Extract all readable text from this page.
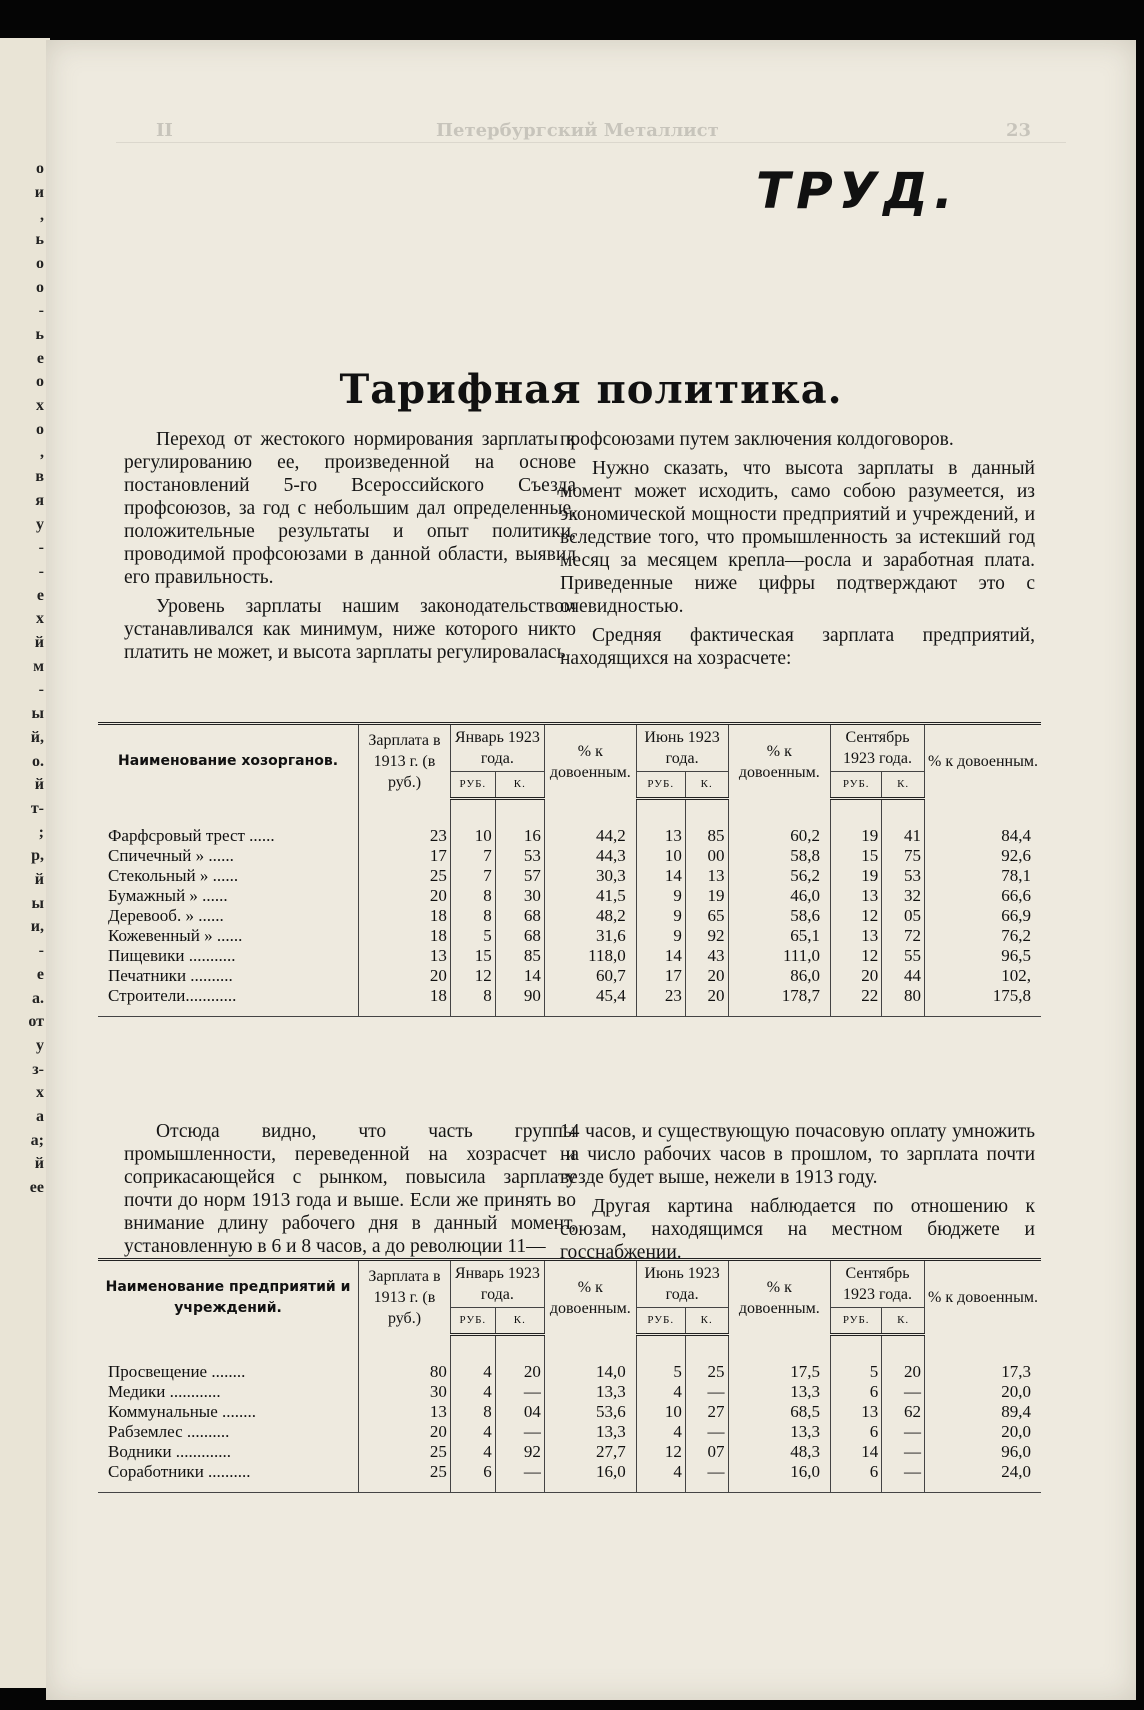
о
и
,
ь
о
о
-
ь
е
о
х
о
,
в
я
у
-
-
е
х
й
м
-
ы
й,
о.
й
т-
;
р,
й
ы
и,
-
е
а.
от
у
з-
х
а
а;
й
ее
II	Петербургский Металлист	23
ТРУД.
Тарифная политика.

Переход от жестокого нормирования зарплаты к регулированию ее, произведенной на основе постановлений 5-го Всероссийского Съезда профсоюзов, за год с небольшим дал определенные, положительные результаты и опыт политики, проводимой профсоюзами в данной области, выявил его правильность.

Уровень зарплаты нашим законодательством устанавливался как минимум, ниже которого никто платить не может, и высота зарплаты регулировалась

профсоюзами путем заключения колдоговоров.

Нужно сказать, что высота зарплаты в данный момент может исходить, само собою разумеется, из экономической мощности предприятий и учреждений, и вследствие того, что промышленность за истекший год месяц за месяцем крепла—росла и заработная плата. Приведенные ниже цифры подтверждают это с очевидностью.

Средняя фактическая зарплата предприятий, находящихся на хозрасчете:

Наименование хозорганов.	Зарплата в 1913 г. (в руб.)	Январь 1923 года.		% к довоенным.	Июнь 1923 года.		% к довоенным.	Сентябрь 1923 года.		% к довоенным.
		РУБ.	К.		РУБ.	К.		РУБ.	К.	

Фарфсровый трест ......	23	10	16	44,2	13	85	60,2	19	41	84,4
Спичечный » ......	17	7	53	44,3	10	00	58,8	15	75	92,6
Стекольный » ......	25	7	57	30,3	14	13	56,2	19	53	78,1
Бумажный » ......	20	8	30	41,5	9	19	46,0	13	32	66,6
Деревооб. » ......	18	8	68	48,2	9	65	58,6	12	05	66,9
Кожевенный » ......	18	5	68	31,6	9	92	65,1	13	72	76,2
Пищевики ...........	13	15	85	118,0	14	43	111,0	12	55	96,5
Печатники ..........	20	12	14	60,7	17	20	86,0	20	44	102,
Строители............	18	8	90	45,4	23	20	178,7	22	80	175,8

Отсюда видно, что часть группы промышленности, переведенной на хозрасчет и соприкасающейся с рынком, повысила зарплату почти до норм 1913 года и выше. Если же принять во внимание длину рабочего дня в данный момент, установленную в 6 и 8 часов, а до революции 11—

14 часов, и существующую почасовую оплату умножить на число рабочих часов в прошлом, то зарплата почти везде будет выше, нежели в 1913 году.

Другая картина наблюдается по отношению к союзам, находящимся на местном бюджете и госснабжении.

Наименование предприятий и учреждений.	Зарплата в 1913 г. (в руб.)	Январь 1923 года.		% к довоенным.	Июнь 1923 года.		% к довоенным.	Сентябрь 1923 года.		% к довоенным.
		РУБ.	К.		РУБ.	К.		РУБ.	К.	

Просвещение ........	80	4	20	14,0	5	25	17,5	5	20	17,3
Медики ............	30	4	—	13,3	4	—	13,3	6	—	20,0
Коммунальные ........	13	8	04	53,6	10	27	68,5	13	62	89,4
Рабземлес ..........	20	4	—	13,3	4	—	13,3	6	—	20,0
Водники .............	25	4	92	27,7	12	07	48,3	14	—	96,0
Соработники ..........	25	6	—	16,0	4	—	16,0	6	—	24,0
